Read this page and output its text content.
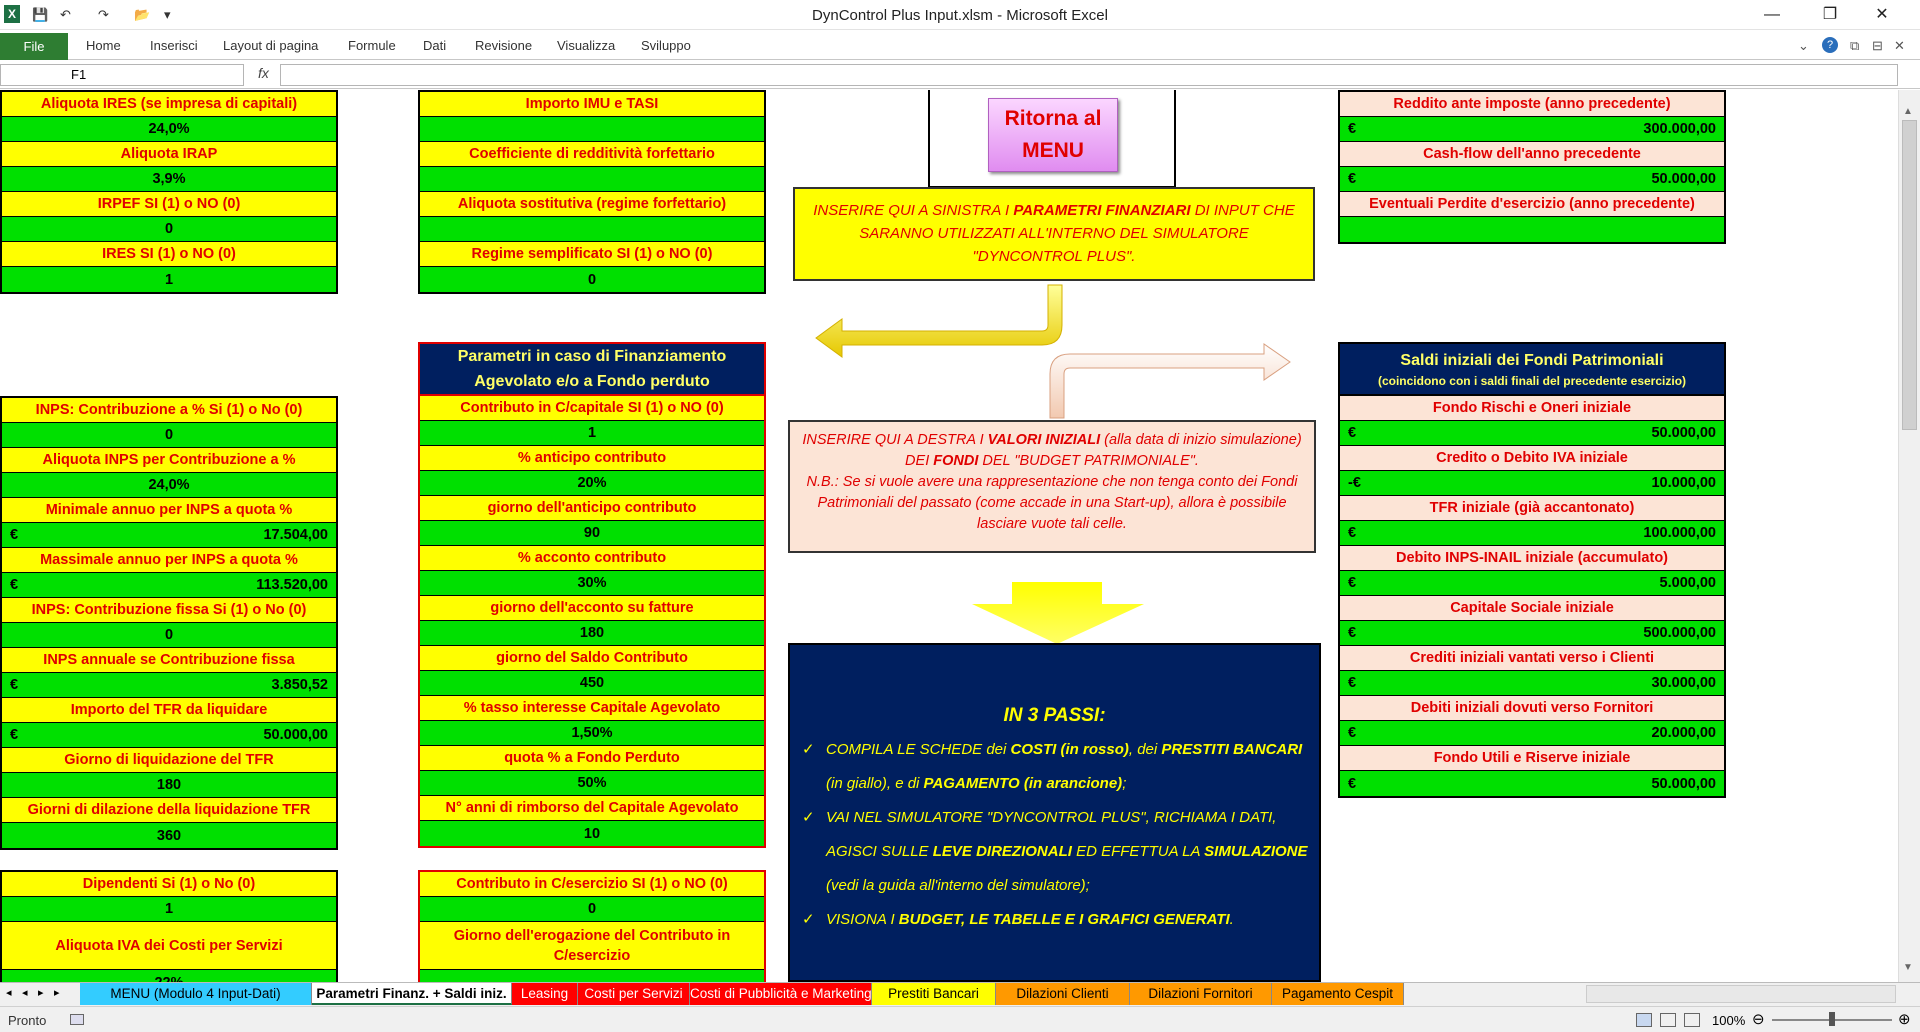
X	💾 ↶ ↷ 📂 ▾	DynControl Plus Input.xlsm - Microsoft Excel	—	❐	✕
File	Home Inserisci Layout di pagina Formule Dati Revisione Visualizza Sviluppo	⌄	?	⧉ ⊟ ✕
F1	fx
Aliquota IRES (se impresa di capitali)
24,0%
Aliquota IRAP
3,9%
IRPEF SI (1) o NO (0)
0
IRES SI (1) o NO (0)
1
INPS: Contribuzione a % Si (1) o No (0)
0
Aliquota INPS per Contribuzione a %
24,0%
Minimale annuo per INPS a quota %
€	17.504,00
Massimale annuo per INPS a quota %
€	113.520,00
INPS: Contribuzione fissa Si (1) o No (0)
0
INPS annuale se Contribuzione fissa
€	3.850,52
Importo del TFR da liquidare
€	50.000,00
Giorno di liquidazione del TFR
180
Giorni di dilazione della liquidazione TFR
360
Dipendenti Si (1) o No (0)
1
Aliquota IVA dei Costi per Servizi
Importo IMU e TASI
Coefficiente di redditività forfettario
Aliquota sostitutiva (regime forfettario)
Regime semplificato SI (1) o NO (0)
0
Parametri in caso di Finanziamento Agevolato e/o a Fondo perduto
Contributo in C/capitale SI (1) o NO (0)
1
% anticipo contributo
20%
giorno dell'anticipo contributo
90
% acconto contributo
30%
giorno dell'acconto su fatture
180
giorno del Saldo Contributo
450
% tasso interesse Capitale Agevolato
1,50%
quota % a Fondo Perduto
50%
N° anni di rimborso del Capitale Agevolato
10
Contributo in C/esercizio SI (1) o NO (0)
0
Giorno dell'erogazione del Contributo in C/esercizio
Ritorna al MENU
INSERIRE QUI A SINISTRA I PARAMETRI FINANZIARI DI INPUT CHE SARANNO UTILIZZATI ALL'INTERNO DEL SIMULATORE "DYNCONTROL PLUS".
INSERIRE QUI A DESTRA I VALORI INIZIALI (alla data di inizio simulazione) DEI FONDI DEL "BUDGET PATRIMONIALE".
N.B.: Se si vuole avere una rappresentazione che non tenga conto dei Fondi Patrimoniali del passato (come accade in una Start-up), allora è possibile lasciare vuote tali celle.
IN 3 PASSI:
✓ COMPILA LE SCHEDE dei COSTI (in rosso), dei PRESTITI BANCARI (in giallo), e di PAGAMENTO (in arancione);
✓ VAI NEL SIMULATORE "DYNCONTROL PLUS", RICHIAMA I DATI, AGISCI SULLE LEVE DIREZIONALI ED EFFETTUA LA SIMULAZIONE (vedi la guida all'interno del simulatore);
✓ VISIONA I BUDGET, LE TABELLE E I GRAFICI GENERATI.
Reddito ante imposte (anno precedente)
€	300.000,00
Cash-flow dell'anno precedente
€	50.000,00
Eventuali Perdite d'esercizio (anno precedente)
Saldi iniziali dei Fondi Patrimoniali
(coincidono con i saldi finali del precedente esercizio)
Fondo Rischi e Oneri iniziale
€	50.000,00
Credito o Debito IVA iniziale
-€	10.000,00
TFR iniziale (già accantonato)
€	100.000,00
Debito INPS-INAIL iniziale (accumulato)
€	5.000,00
Capitale Sociale iniziale
€	500.000,00
Crediti iniziali vantati verso i Clienti
€	30.000,00
Debiti iniziali dovuti verso Fornitori
€	20.000,00
Fondo Utili e Riserve iniziale
€	50.000,00
▲
▼
◂ ◂ ▸ ▸	MENU (Modulo 4 Input-Dati)	Parametri Finanz. + Saldi iniz.	Leasing	Costi per Servizi Costi di Pubblicità e Marketing	Prestiti Bancari	Dilazioni Clienti	Dilazioni Fornitori	Pagamento Cespit
Pronto	100% ⊖	⊕
